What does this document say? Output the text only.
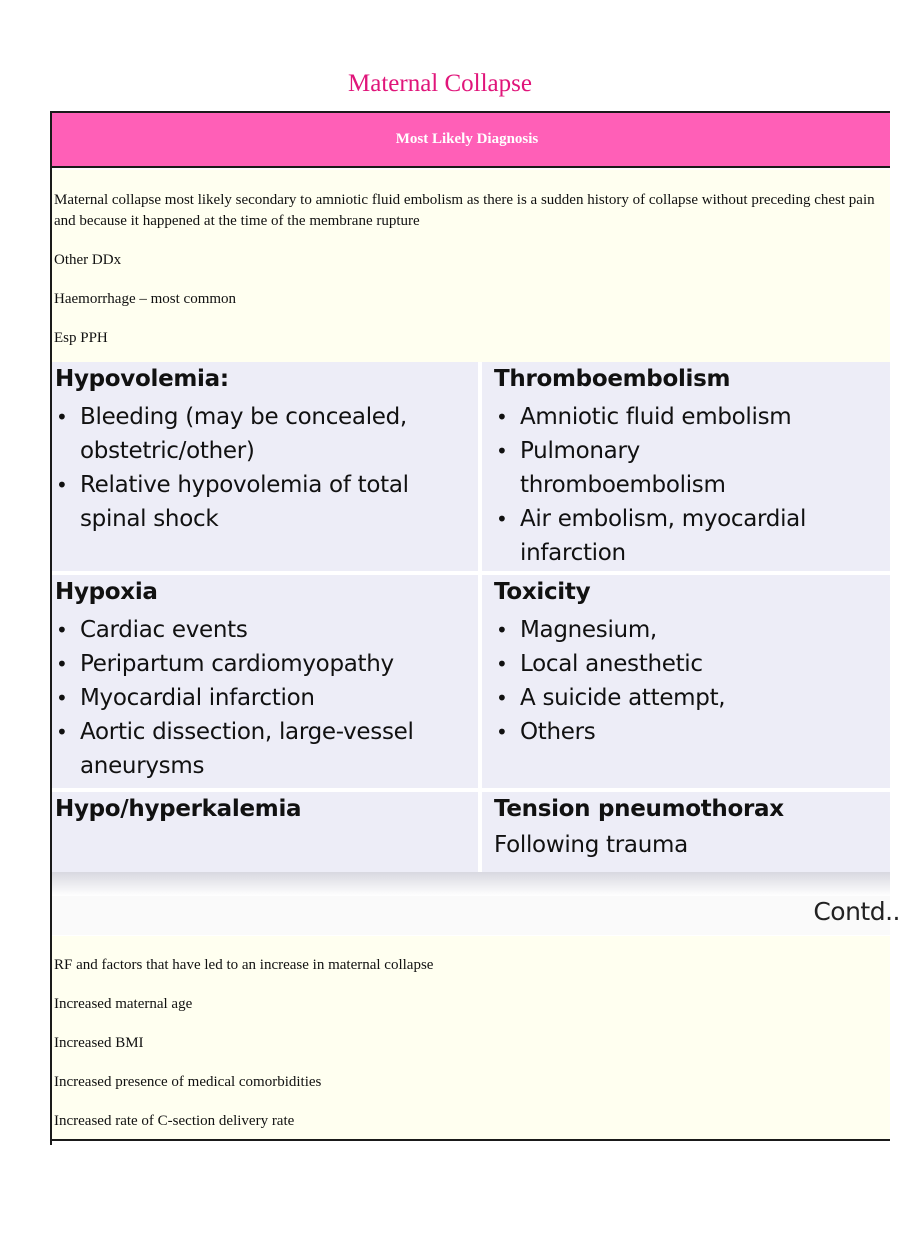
Maternal Collapse
Most Likely Diagnosis

Maternal collapse most likely secondary to amniotic fluid embolism as there is a sudden history of collapse without preceding chest pain and because it happened at the time of the membrane rupture

Other DDx

Haemorrhage – most common

Esp PPH

Hypovolemia:
• Bleeding (may be concealed, obstetric/other)
• Relative hypovolemia of total spinal shock
Thromboembolism
• Amniotic fluid embolism
• Pulmonary thromboembolism
• Air embolism, myocardial infarction
Hypoxia
• Cardiac events
• Peripartum cardiomyopathy
• Myocardial infarction
• Aortic dissection, large-vessel aneurysms
Toxicity
• Magnesium,
• Local anesthetic
• A suicide attempt,
• Others
Hypo/hyperkalemia	Tension pneumothorax
Following trauma
Contd..

RF and factors that have led to an increase in maternal collapse

Increased maternal age

Increased BMI

Increased presence of medical comorbidities

Increased rate of C-section delivery rate
